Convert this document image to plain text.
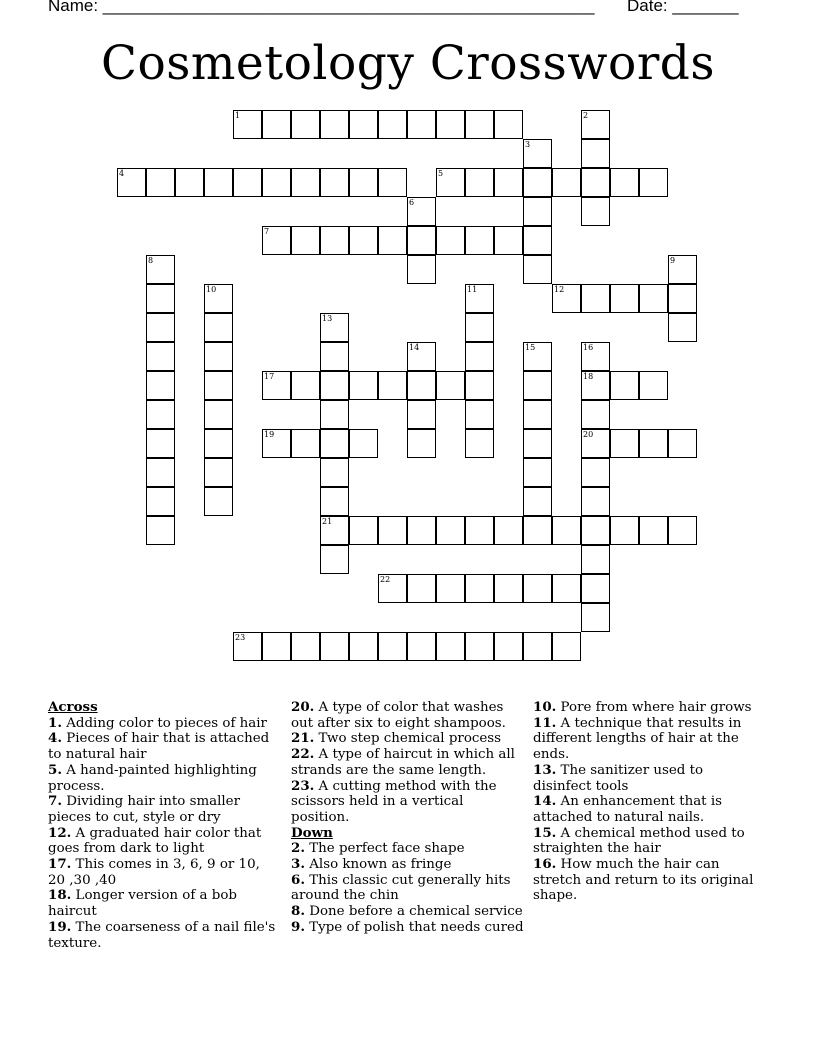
Name: ____________________________________________________ Date: _______
Cosmetology Crosswords
1	2
3
4	5
6
7
8	9
10	11	12
13
21
14	15	16
18
20
17
19
22
23
Across
1. Adding color to pieces of hair
4. Pieces of hair that is attached to natural hair
5. A hand-painted highlighting process.
7. Dividing hair into smaller pieces to cut, style or dry
12. A graduated hair color that goes from dark to light
17. This comes in 3, 6, 9 or 10, 20 ,30 ,40
18. Longer version of a bob haircut
19. The coarseness of a nail file's texture.
20. A type of color that washes out after six to eight shampoos.
21. Two step chemical process
22. A type of haircut in which all strands are the same length.
23. A cutting method with the scissors held in a vertical position.
Down
2. The perfect face shape
3. Also known as fringe
6. This classic cut generally hits around the chin
8. Done before a chemical service
9. Type of polish that needs cured
10. Pore from where hair grows
11. A technique that results in different lengths of hair at the ends.
13. The sanitizer used to disinfect tools
14. An enhancement that is attached to natural nails.
15. A chemical method used to straighten the hair
16. How much the hair can stretch and return to its original shape.
